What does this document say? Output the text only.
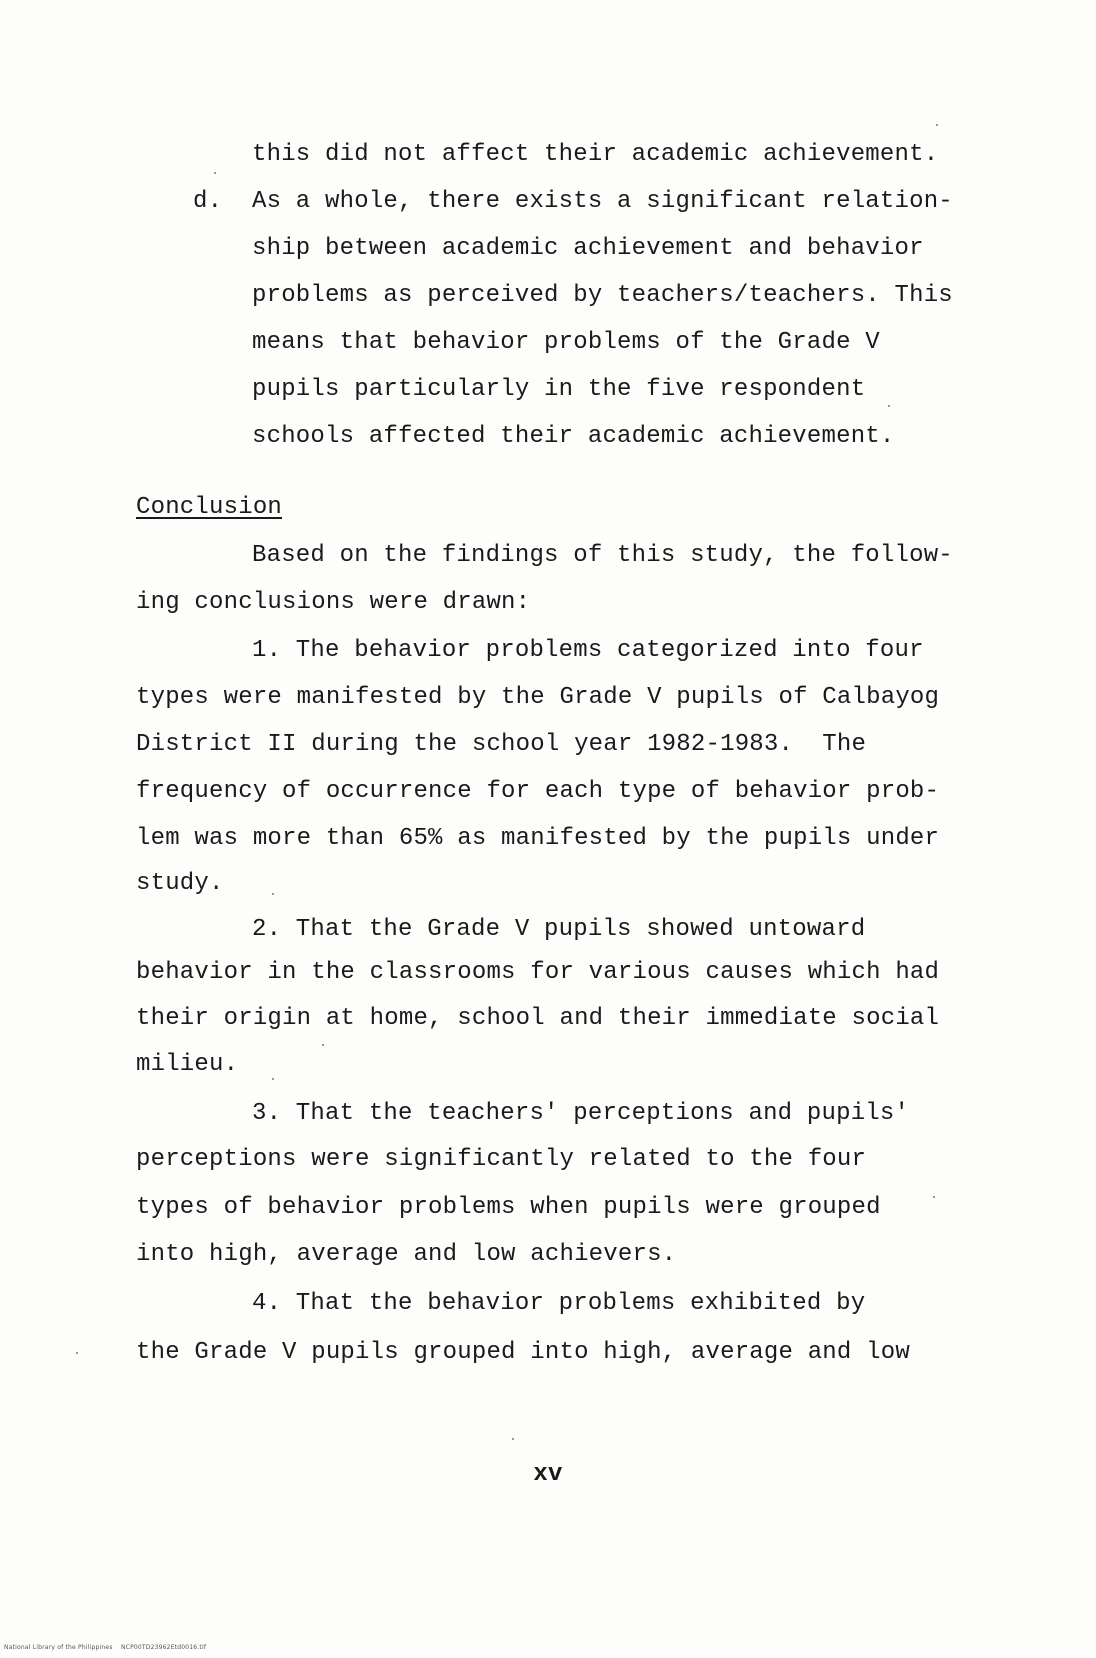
this did not affect their academic achievement.
d. As a whole, there exists a significant relation-
ship between academic achievement and behavior
problems as perceived by teachers/teachers. This
means that behavior problems of the Grade V
pupils particularly in the five respondent
schools affected their academic achievement.
Conclusion
Based on the findings of this study, the follow-
ing conclusions were drawn:
1. The behavior problems categorized into four
types were manifested by the Grade V pupils of Calbayog
District II during the school year 1982-1983.  The
frequency of occurrence for each type of behavior prob-
lem was more than 65% as manifested by the pupils under
study.
2. That the Grade V pupils showed untoward
behavior in the classrooms for various causes which had
their origin at home, school and their immediate social
milieu.
3. That the teachers' perceptions and pupils'
perceptions were significantly related to the four
types of behavior problems when pupils were grouped
into high, average and low achievers.
4. That the behavior problems exhibited by
the Grade V pupils grouped into high, average and low
xv
National Library of the Philippines    NCP00TD23962Etd0016.tif
